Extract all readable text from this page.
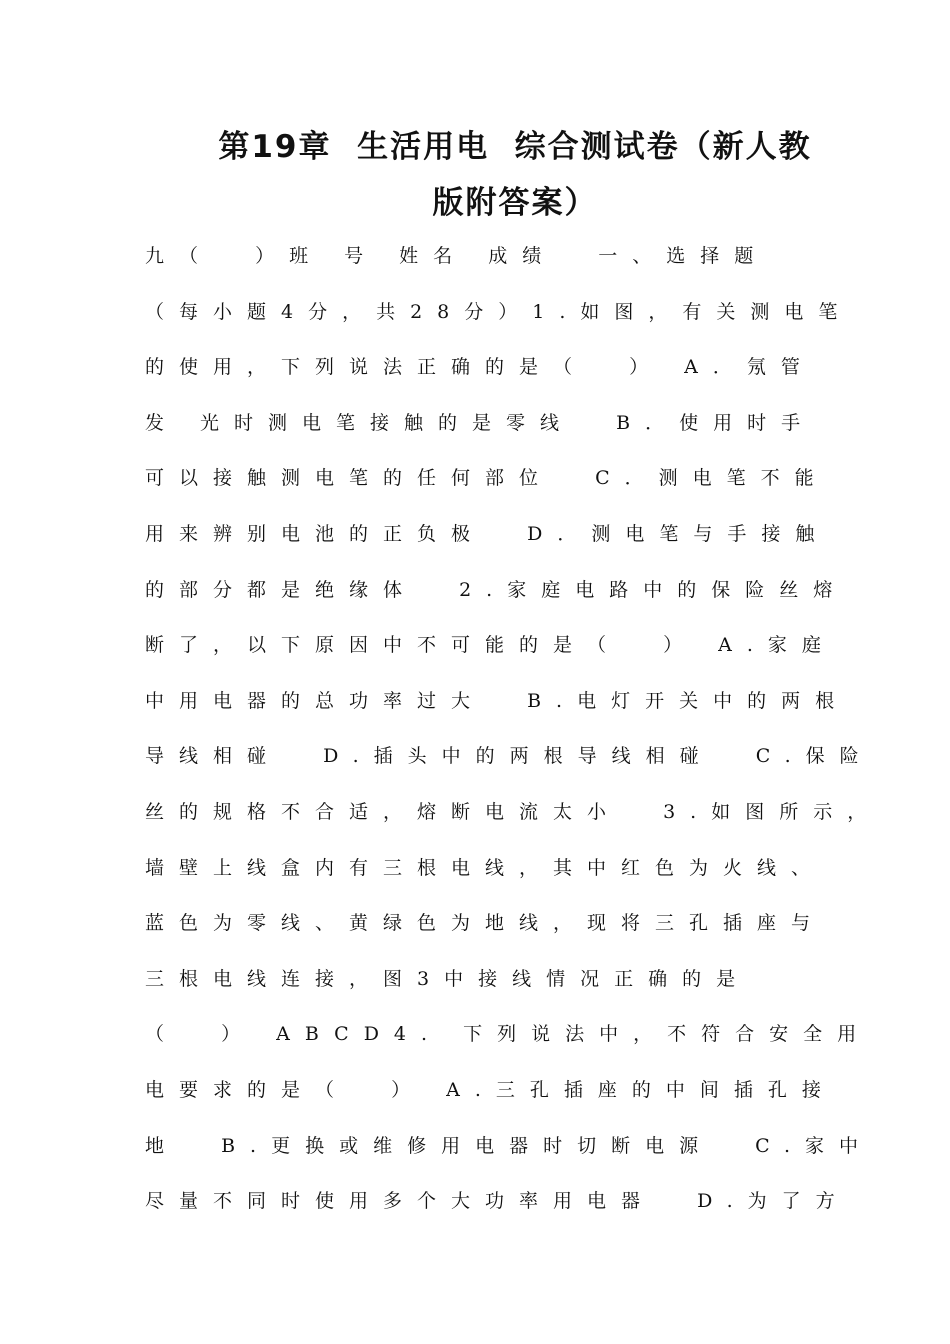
第19章  生活用电  综合测试卷（新人教
版附答案）
九（  ）班 号 姓名 成绩  一、选择题
（每小题4分，共28分）1.如图，有关测电笔
的使用，下列说法正确的是（  ） A．氖管
发 光时测电笔接触的是零线  B．使用时手
可以接触测电笔的任何部位  C．测电笔不能
用来辨别电池的正负极  D．测电笔与手接触
的部分都是绝缘体  2.家庭电路中的保险丝熔
断了，以下原因中不可能的是（  ） A.家庭
中用电器的总功率过大  B.电灯开关中的两根
导线相碰  D.插头中的两根导线相碰  C.保险
丝的规格不合适，熔断电流太小  3.如图所示，
墙壁上线盒内有三根电线，其中红色为火线、
蓝色为零线、黄绿色为地线，现将三孔插座与
三根电线连接，图3中接线情况正确的是
（  ） ABCD4. 下列说法中，不符合安全用
电要求的是（  ） A.三孔插座的中间插孔接
地  B.更换或维修用电器时切断电源  C.家中
尽量不同时使用多个大功率用电器  D.为了方
